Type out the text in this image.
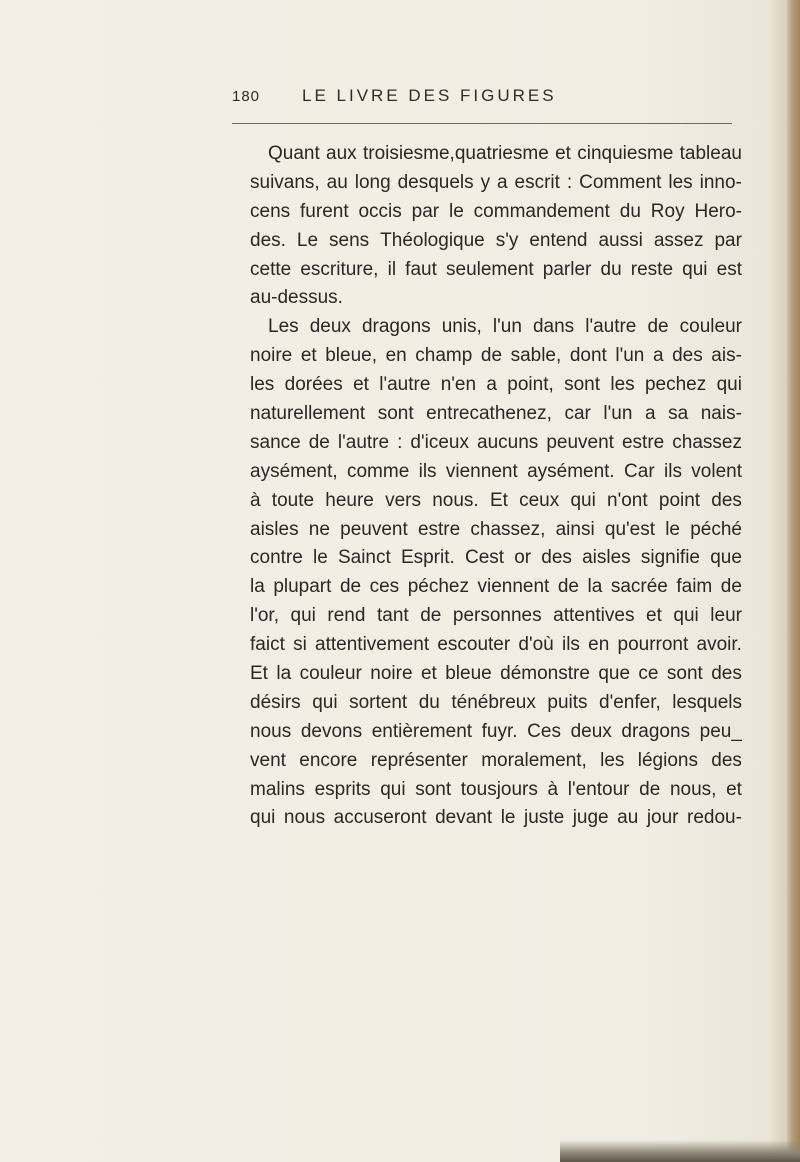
180	LE LIVRE DES FIGURES
Quant aux troisiesme,quatriesme et cinquiesme tableau
suivans, au long desquels y a escrit : Comment les inno-
cens furent occis par le commandement du Roy Hero-
des. Le sens Théologique s'y entend aussi assez par
cette escriture, il faut seulement parler du reste qui est
au-dessus.
Les deux dragons unis, l'un dans l'autre de couleur
noire et bleue, en champ de sable, dont l'un a des ais-
les dorées et l'autre n'en a point, sont les pechez qui
naturellement sont entrecathenez, car l'un a sa nais-
sance de l'autre : d'iceux aucuns peuvent estre chassez
aysément, comme ils viennent aysément. Car ils volent
à toute heure vers nous. Et ceux qui n'ont point des
aisles ne peuvent estre chassez, ainsi qu'est le péché
contre le Sainct Esprit. Cest or des aisles signifie que
la plupart de ces péchez viennent de la sacrée faim de
l'or, qui rend tant de personnes attentives et qui leur
faict si attentivement escouter d'où ils en pourront avoir.
Et la couleur noire et bleue démonstre que ce sont des
désirs qui sortent du ténébreux puits d'enfer, lesquels
nous devons entièrement fuyr. Ces deux dragons peu_
vent encore représenter moralement, les légions des
malins esprits qui sont tousjours à l'entour de nous, et
qui nous accuseront devant le juste juge au jour redou-
